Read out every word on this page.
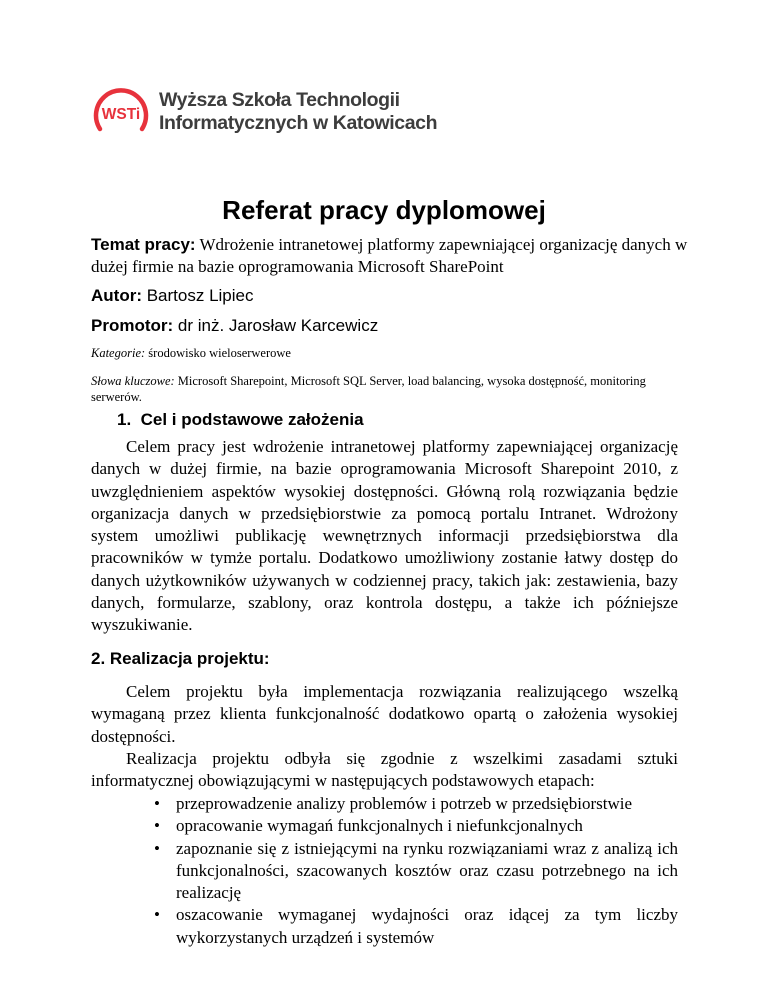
WSTi
Wyższa Szkoła Technologii
Informatycznych w Katowicach
Referat pracy dyplomowej
Temat pracy: Wdrożenie intranetowej platformy zapewniającej organizację danych w dużej firmie na bazie oprogramowania Microsoft SharePoint
Autor: Bartosz Lipiec
Promotor: dr inż. Jarosław Karcewicz
Kategorie: środowisko wieloserwerowe
Słowa kluczowe: Microsoft Sharepoint, Microsoft SQL Server, load balancing, wysoka dostępność, monitoring serwerów.
1.  Cel i podstawowe założenia

Celem pracy jest wdrożenie intranetowej platformy zapewniającej organizację danych w dużej firmie, na bazie oprogramowania Microsoft Sharepoint 2010, z uwzględnieniem aspektów wysokiej dostępności. Główną rolą rozwiązania będzie organizacja danych w przedsiębiorstwie za pomocą portalu Intranet. Wdrożony system umożliwi publikację wewnętrznych informacji przedsiębiorstwa dla pracowników w tymże portalu. Dodatkowo umożliwiony zostanie łatwy dostęp do danych użytkowników używanych w codziennej pracy, takich jak: zestawienia, bazy danych, formularze, szablony, oraz kontrola dostępu, a także ich późniejsze wyszukiwanie.

2. Realizacja projektu:

Celem projektu była implementacja rozwiązania realizującego wszelką wymaganą przez klienta funkcjonalność dodatkowo opartą o założenia wysokiej dostępności.

Realizacja projektu odbyła się zgodnie z wszelkimi zasadami sztuki informatycznej obowiązującymi w następujących podstawowych etapach:

• przeprowadzenie analizy problemów i potrzeb w przedsiębiorstwie
• opracowanie wymagań funkcjonalnych i niefunkcjonalnych
• zapoznanie się z istniejącymi na rynku rozwiązaniami wraz z analizą ich funkcjonalności, szacowanych kosztów oraz czasu potrzebnego na ich realizację
• oszacowanie wymaganej wydajności oraz idącej za tym liczby wykorzystanych urządzeń i systemów
